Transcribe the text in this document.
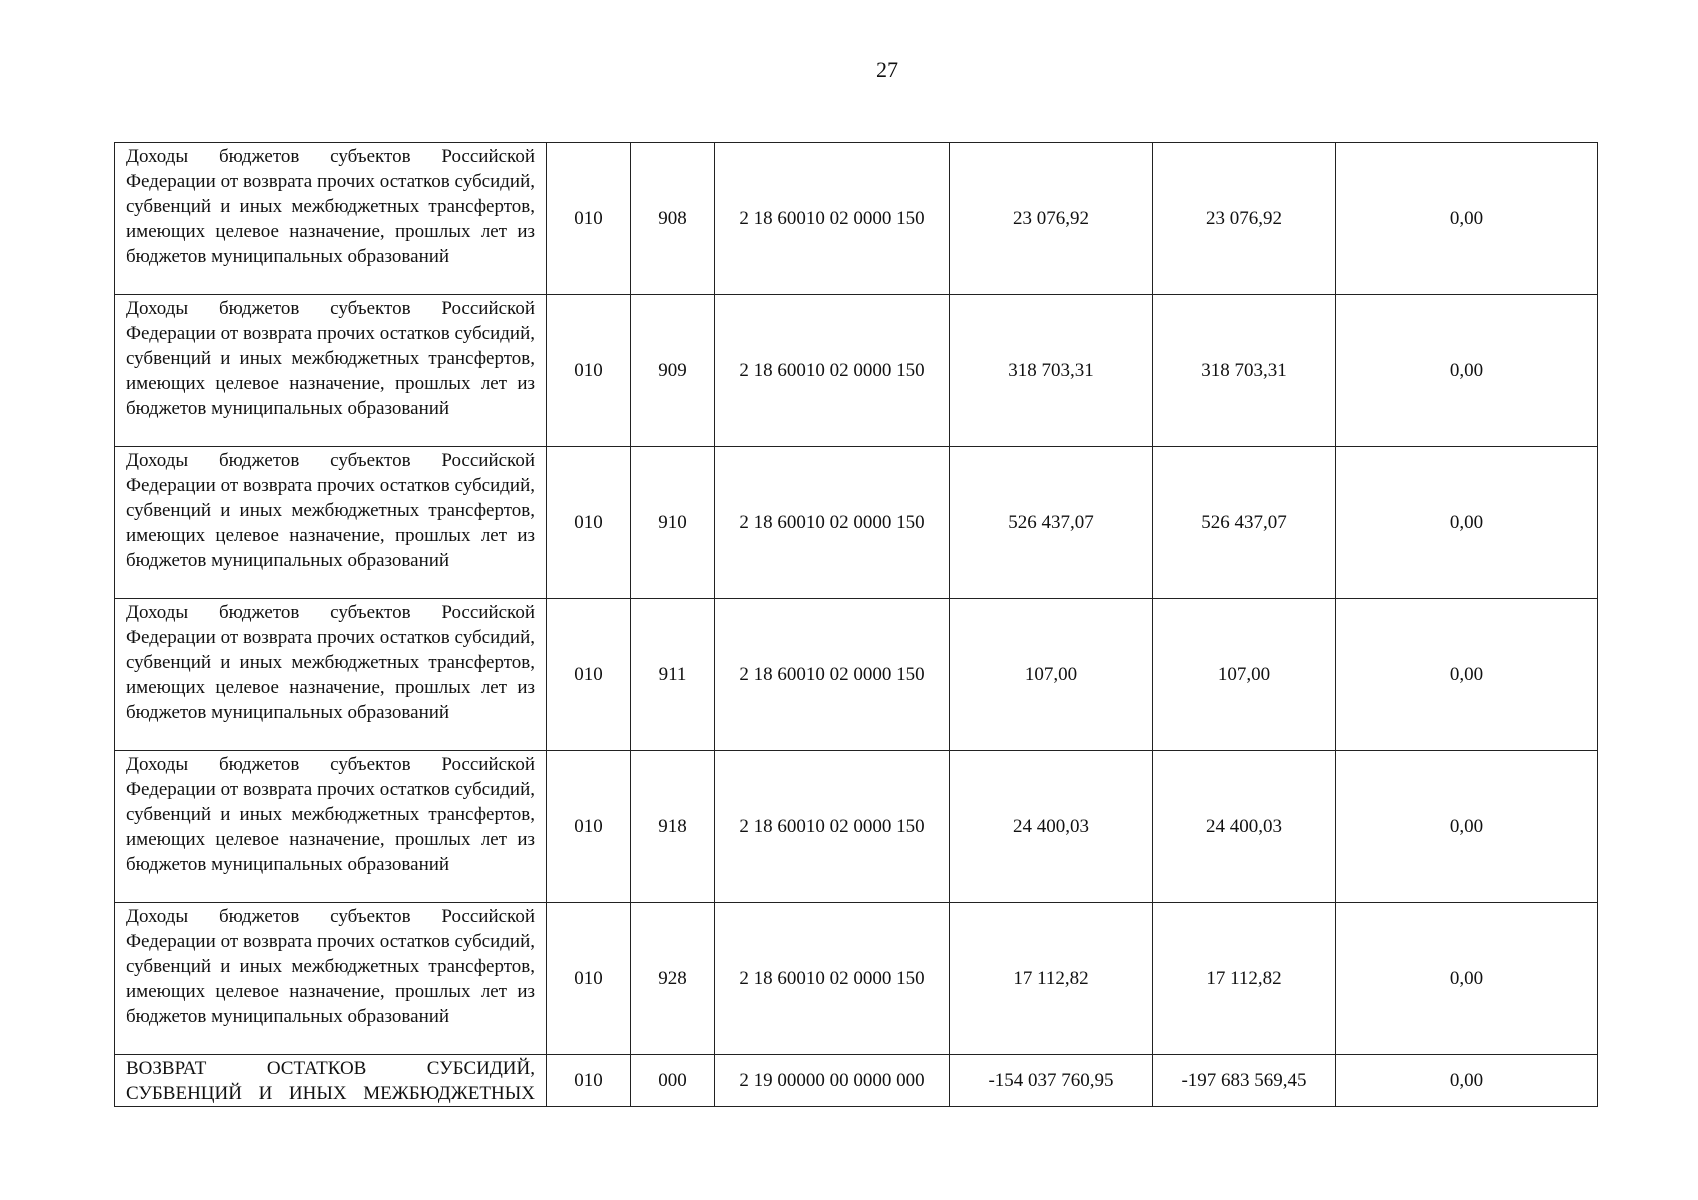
27
Доходы бюджетов субъектов Российской Федерации от возврата прочих остатков субсидий, субвенций и иных межбюджетных трансфертов, имеющих целевое назначение, прошлых лет из бюджетов муниципальных образований	010	908	2 18 60010 02 0000 150	23 076,92	23 076,92	0,00

Доходы бюджетов субъектов Российской Федерации от возврата прочих остатков субсидий, субвенций и иных межбюджетных трансфертов, имеющих целевое назначение, прошлых лет из бюджетов муниципальных образований	010	909	2 18 60010 02 0000 150	318 703,31	318 703,31	0,00

Доходы бюджетов субъектов Российской Федерации от возврата прочих остатков субсидий, субвенций и иных межбюджетных трансфертов, имеющих целевое назначение, прошлых лет из бюджетов муниципальных образований	010	910	2 18 60010 02 0000 150	526 437,07	526 437,07	0,00

Доходы бюджетов субъектов Российской Федерации от возврата прочих остатков субсидий, субвенций и иных межбюджетных трансфертов, имеющих целевое назначение, прошлых лет из бюджетов муниципальных образований	010	911	2 18 60010 02 0000 150	107,00	107,00	0,00

Доходы бюджетов субъектов Российской Федерации от возврата прочих остатков субсидий, субвенций и иных межбюджетных трансфертов, имеющих целевое назначение, прошлых лет из бюджетов муниципальных образований	010	918	2 18 60010 02 0000 150	24 400,03	24 400,03	0,00

Доходы бюджетов субъектов Российской Федерации от возврата прочих остатков субсидий, субвенций и иных межбюджетных трансфертов, имеющих целевое назначение, прошлых лет из бюджетов муниципальных образований	010	928	2 18 60010 02 0000 150	17 112,82	17 112,82	0,00

ВОЗВРАТ ОСТАТКОВ СУБСИДИЙ,
СУБВЕНЦИЙ И ИНЫХ МЕЖБЮДЖЕТНЫХ	010	000	2 19 00000 00 0000 000	-154 037 760,95	-197 683 569,45	0,00
